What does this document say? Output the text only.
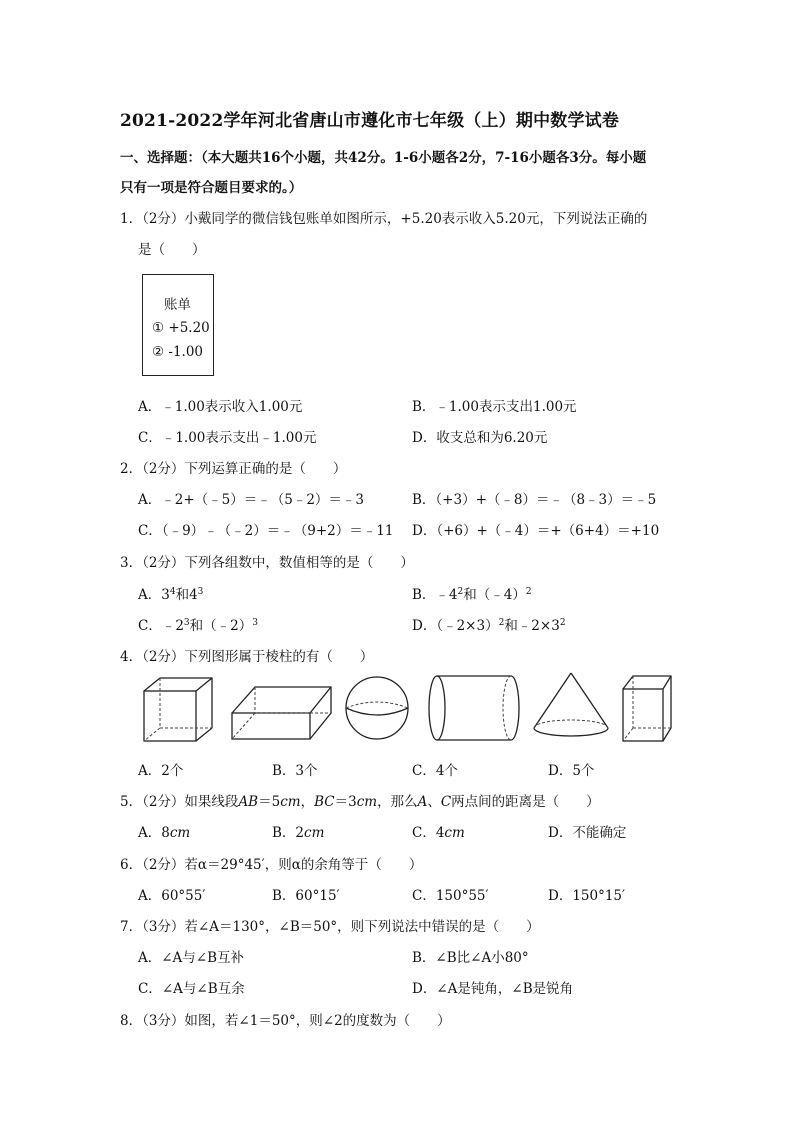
2021-2022学年河北省唐山市遵化市七年级（上）期中数学试卷
一、选择题：（本大题共16个小题，共42分。1-6小题各2分，7-16小题各3分。每小题
只有一项是符合题目要求的。）
1．（2分）小戴同学的微信钱包账单如图所示，+5.20表示收入5.20元，下列说法正确的
是（　　）
账单
① +5.20
② -1.00
A．﹣1.00表示收入1.00元	B．﹣1.00表示支出1.00元
C．﹣1.00表示支出﹣1.00元	D．收支总和为6.20元
2．（2分）下列运算正确的是（　　）
A．﹣2+（﹣5）＝﹣（5﹣2）＝﹣3	B．（+3）+（﹣8）＝﹣（8﹣3）＝﹣5
C．（﹣9）﹣（﹣2）＝﹣（9+2）＝﹣11 D．（+6）+（﹣4）＝+（6+4）＝+10
3．（2分）下列各组数中，数值相等的是（　　）
A．$3^4$和$4^3$	B．$﹣4^2$和（﹣4）$^2$
C．$﹣2^3$和（﹣2）$^3$	D．（﹣2×3）$^2$和$﹣2\times 3^2$
4．（2分）下列图形属于棱柱的有（　　）
A．2个	B．3个	C．4个	D．5个
5．（2分）如果线段AB＝5cm，BC＝3cm，那么A、C两点间的距离是（　　）
A．8cm	B．2cm	C．4cm	D．不能确定
6．（2分）若α＝29°45′，则α的余角等于（　　）
A．60°55′	B．60°15′	C．150°55′	D．150°15′
7．（3分）若∠A＝130°，∠B＝50°，则下列说法中错误的是（　　）
A．∠A与∠B互补	B．∠B比∠A小80°
C．∠A与∠B互余	D．∠A是钝角，∠B是锐角
8．（3分）如图，若∠1＝50°，则∠2的度数为（　　）
